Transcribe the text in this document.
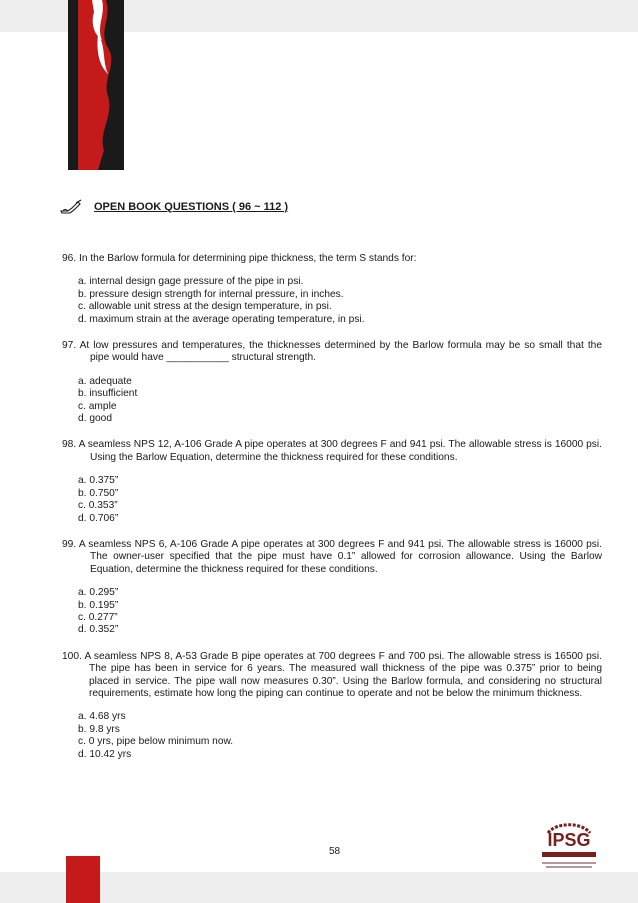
OPEN BOOK QUESTIONS ( 96 ~ 112 )
96. In the Barlow formula for determining pipe thickness, the term S stands for:
a. internal design gage pressure of the pipe in psi.
b. pressure design strength for internal pressure, in inches.
c. allowable unit stress at the design temperature, in psi.
d. maximum strain at the average operating temperature, in psi.
97. At low pressures and temperatures, the thicknesses determined by the Barlow formula may be so small that the pipe would have ___________ structural strength.
a. adequate
b. insufficient
c. ample
d. good
98. A seamless NPS 12, A-106 Grade A pipe operates at 300 degrees F and 941 psi. The allowable stress is 16000 psi. Using the Barlow Equation, determine the thickness required for these conditions.
a. 0.375”
b. 0.750”
c. 0.353”
d. 0.706”
99. A seamless NPS 6, A-106 Grade A pipe operates at 300 degrees F and 941 psi. The allowable stress is 16000 psi. The owner-user specified that the pipe must have 0.1” allowed for corrosion allowance. Using the Barlow Equation, determine the thickness required for these conditions.
a. 0.295”
b. 0.195”
c. 0.277”
d. 0.352”
100. A seamless NPS 8, A-53 Grade B pipe operates at 700 degrees F and 700 psi. The allowable stress is 16500 psi. The pipe has been in service for 6 years. The measured wall thickness of the pipe was 0.375” prior to being placed in service. The pipe wall now measures 0.30”. Using the Barlow formula, and considering no structural requirements, estimate how long the piping can continue to operate and not be below the minimum thickness.
a. 4.68 yrs
b. 9.8 yrs
c. 0 yrs, pipe below minimum now.
d. 10.42 yrs
58
IPSG
